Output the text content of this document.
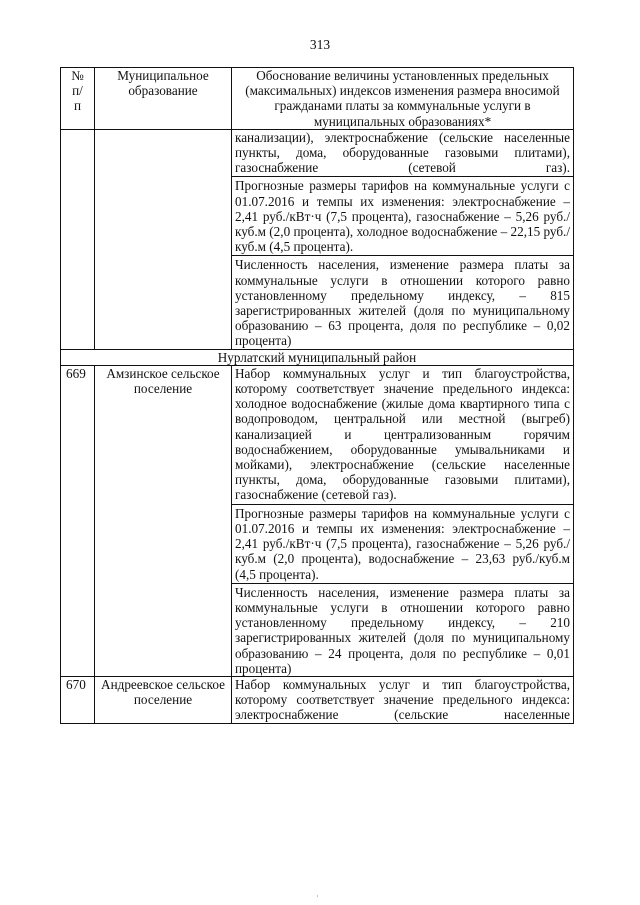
313
№ п/п	Муниципальное образование	Обоснование величины установленных предельных (максимальных) индексов изменения размера вносимой гражданами платы за коммунальные услуги в муниципальных образованиях*

		канализации), электроснабжение (сельские населенные пункты, дома, оборудованные газовыми плитами), газоснабжение (сетевой газ).

Прогнозные размеры тарифов на коммунальные услуги с 01.07.2016 и темпы их изменения: электроснабжение – 2,41 руб./кВт·ч (7,5 процента), газоснабжение – 5,26 руб./куб.м (2,0 процента), холодное водоснабжение – 22,15 руб./куб.м (4,5 процента).

Численность населения, изменение размера платы за коммунальные услуги в отношении которого равно установленному предельному индексу, – 815 зарегистрированных жителей (доля по муниципальному образованию – 63 процента, доля по республике – 0,02 процента)

Нурлатский муниципальный район		
669	Амзинское сельское поселение	Набор коммунальных услуг и тип благоустройства, которому соответствует значение предельного индекса: холодное водоснабжение (жилые дома квартирного типа с водопроводом, центральной или местной (выгреб) канализацией и централизованным горячим водоснабжением, оборудованные умывальниками и мойками), электроснабжение (сельские населенные пункты, дома, оборудованные газовыми плитами), газоснабжение (сетевой газ).

Прогнозные размеры тарифов на коммунальные услуги с 01.07.2016 и темпы их изменения: электроснабжение – 2,41 руб./кВт·ч (7,5 процента), газоснабжение – 5,26 руб./куб.м (2,0 процента), водоснабжение – 23,63 руб./куб.м (4,5 процента).

Численность населения, изменение размера платы за коммунальные услуги в отношении которого равно установленному предельному индексу, – 210 зарегистрированных жителей (доля по муниципальному образованию – 24 процента, доля по республике – 0,01 процента)

670	Андреевское сельское поселение	Набор коммунальных услуг и тип благоустройства, которому соответствует значение предельного индекса: электроснабжение (сельские населенные

·
